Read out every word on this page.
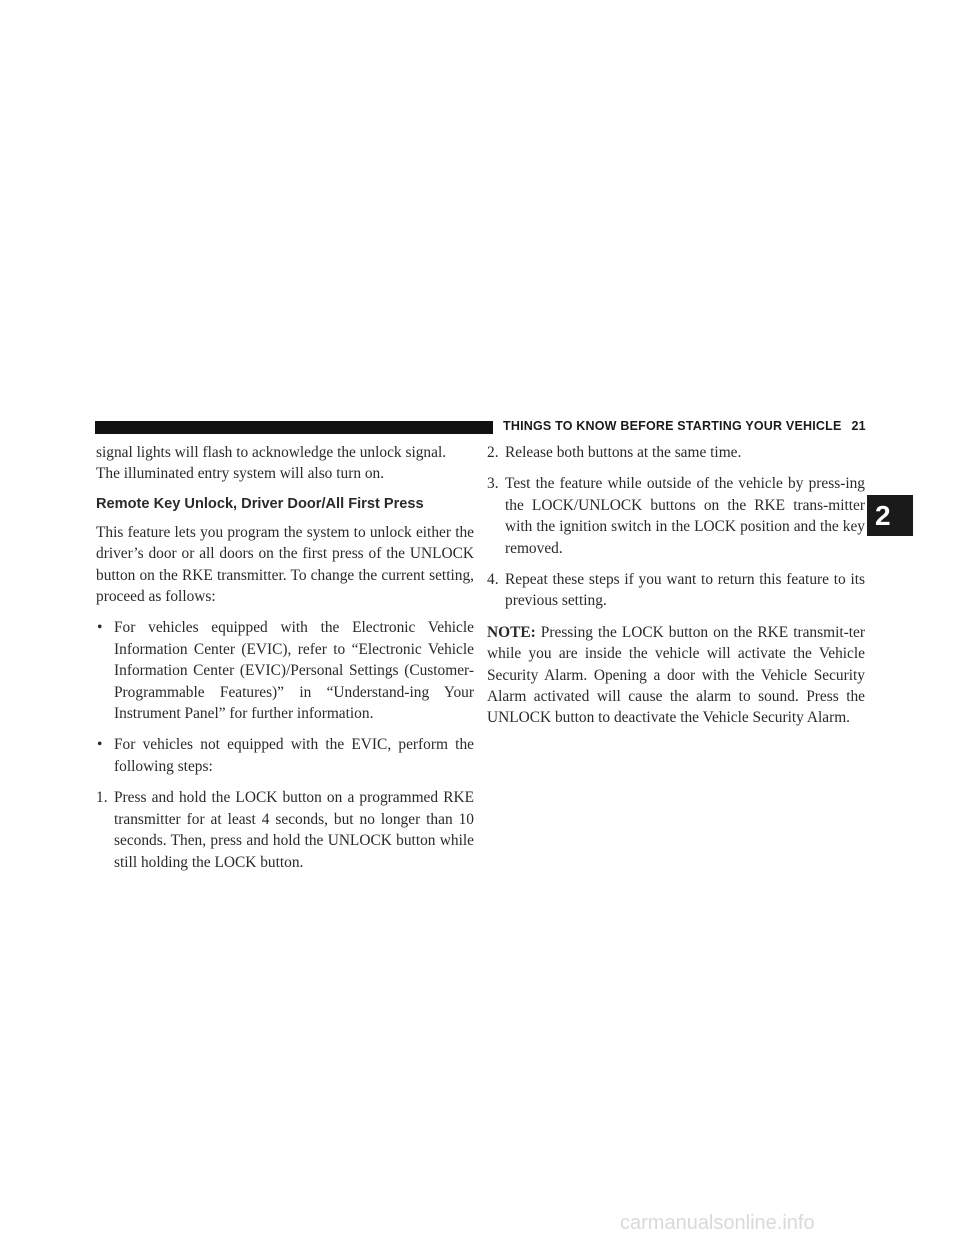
THINGS TO KNOW BEFORE STARTING YOUR VEHICLE 21
2

signal lights will flash to acknowledge the unlock signal.
The illuminated entry system will also turn on.

Remote Key Unlock, Driver Door/All First Press

This feature lets you program the system to unlock either the driver’s door or all doors on the first press of the UNLOCK button on the RKE transmitter. To change the current setting, proceed as follows:

• For vehicles equipped with the Electronic Vehicle Information Center (EVIC), refer to “Electronic Vehicle Information Center (EVIC)/Personal Settings (Customer-Programmable Features)” in “Understand-ing Your Instrument Panel” for further information.
• For vehicles not equipped with the EVIC, perform the following steps:
1. Press and hold the LOCK button on a programmed RKE transmitter for at least 4 seconds, but no longer than 10 seconds. Then, press and hold the UNLOCK button while still holding the LOCK button.
2. Release both buttons at the same time.
3. Test the feature while outside of the vehicle by press-ing the LOCK/UNLOCK buttons on the RKE trans-mitter with the ignition switch in the LOCK position and the key removed.
4. Repeat these steps if you want to return this feature to its previous setting.

NOTE: Pressing the LOCK button on the RKE transmit-ter while you are inside the vehicle will activate the Vehicle Security Alarm. Opening a door with the Vehicle Security Alarm activated will cause the alarm to sound. Press the UNLOCK button to deactivate the Vehicle Security Alarm.

carmanualsonline.info
